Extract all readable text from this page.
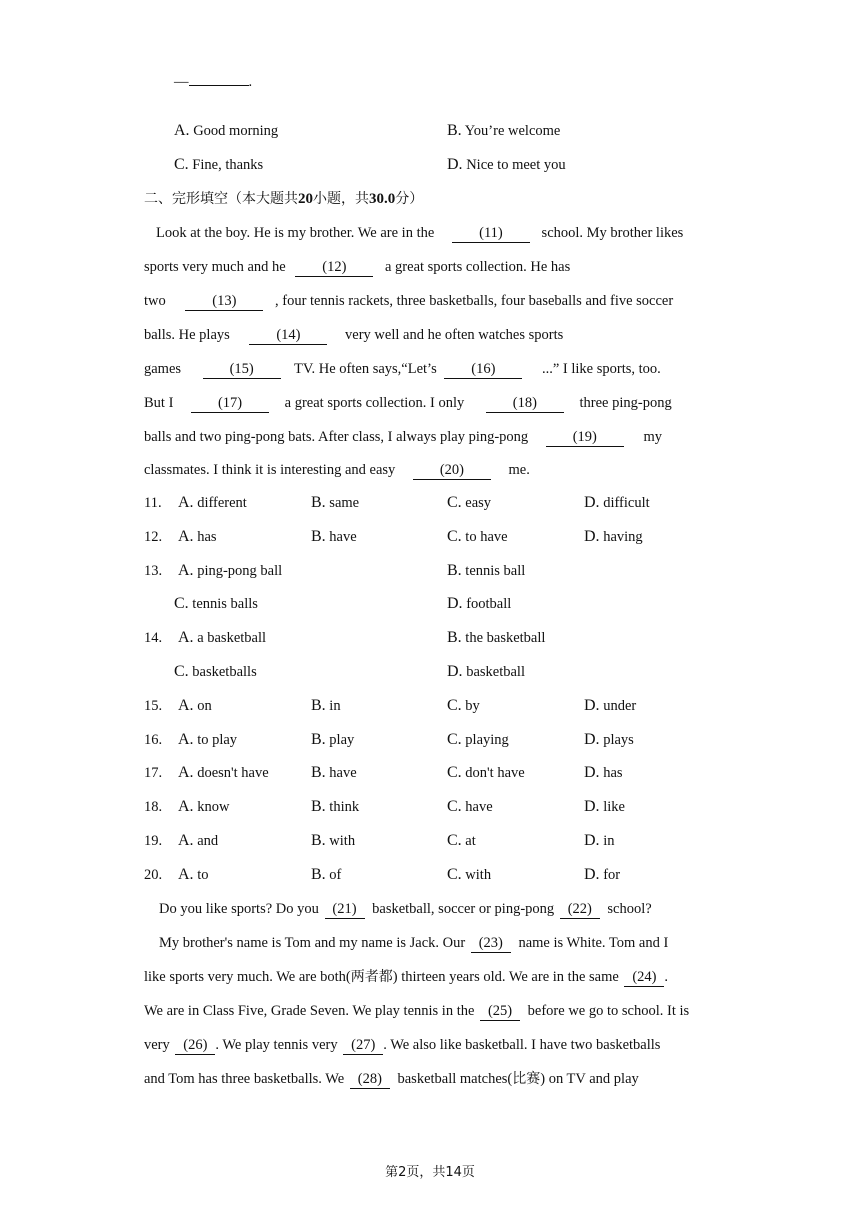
—	.
A. Good morning	B. You’re welcome
C. Fine, thanks	D. Nice to meet you
二、完形填空（本大题共20小题，共30.0分）
Look at the boy. He is my brother. We are in the	(11)	school. My brother likes
sports very much and he	(12)	a great sports collection. He has
two	(13)	, four tennis rackets, three basketballs, four baseballs and five soccer
balls. He plays	(14)	very well and he often watches sports
games	(15)	TV. He often says,“Let’s (16)	...” I like sports, too.
But I	(17)	a great sports collection. I only	(18)	three ping-pong
balls and two ping-pong bats. After class, I always play ping-pong	(19)	my
classmates. I think it is interesting and easy	(20)	me.
11. A. different	B. same	C. easy	D. difficult
12. A. has	B. have	C. to have	D. having
13. A. ping-pong ball	B. tennis ball
C. tennis balls	D. football
14. A. a basketball	B. the basketball
C. basketballs	D. basketball
15. A. on	B. in	C. by	D. under
16. A. to play	B. play	C. playing	D. plays
17. A. doesn't have	B. have	C. don't have	D. has
18. A. know	B. think	C. have	D. like
19. A. and	B. with	C. at	D. in
20. A. to	B. of	C. with	D. for
Do you like sports? Do you (21) basketball, soccer or ping-pong (22) school?
My brother's name is Tom and my name is Jack. Our (23) name is White. Tom and I
like sports very much. We are both(两者都) thirteen years old. We are in the same (24) .
We are in Class Five, Grade Seven. We play tennis in the (25) before we go to school. It is
very (26) . We play tennis very (27) . We also like basketball. I have two basketballs
and Tom has three basketballs. We (28) basketball matches(比赛) on TV and play
第2页，共14页
